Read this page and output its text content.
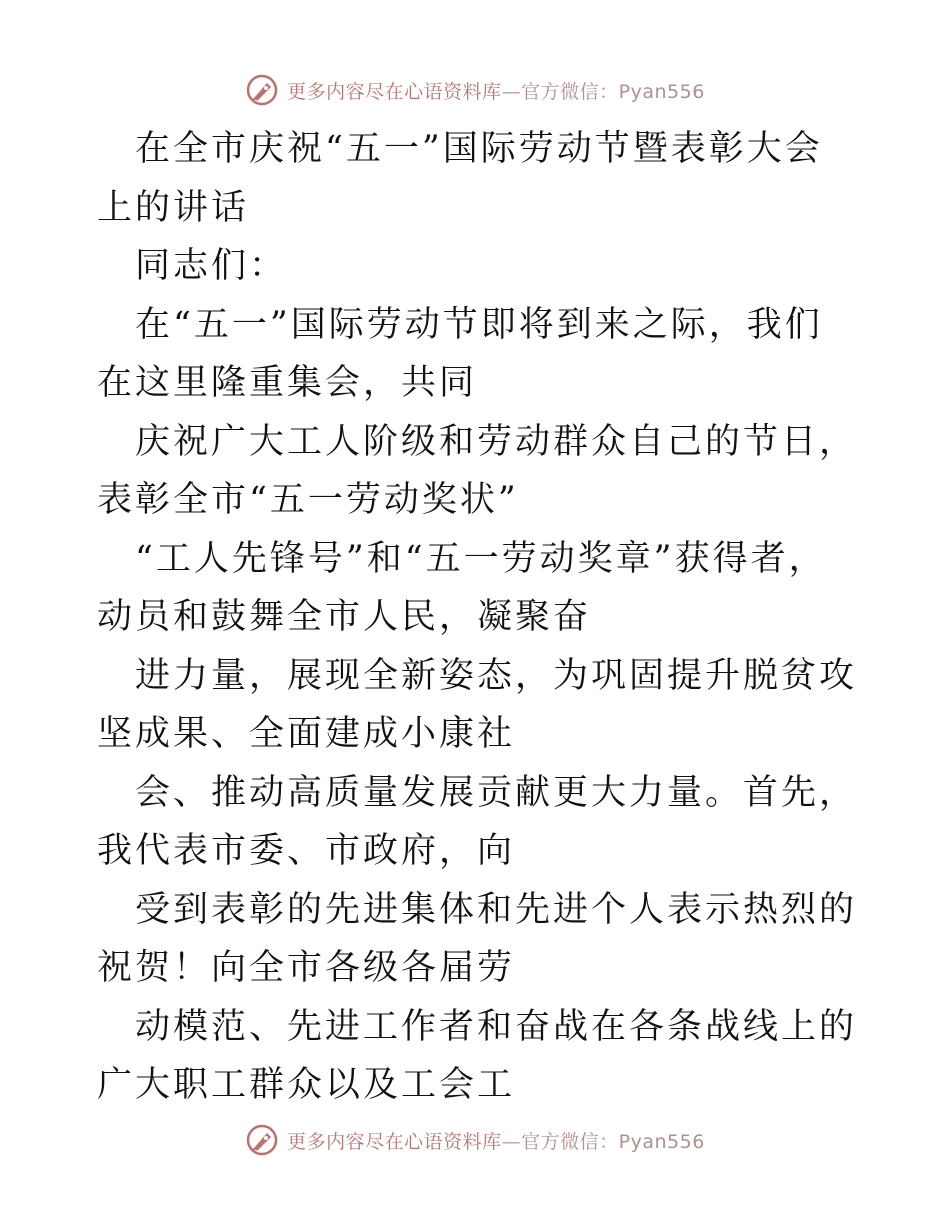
更多内容尽在心语资料库—官方微信：Pyan556

在全市庆祝“五一”国际劳动节暨表彰大会上的讲话

同志们：

在“五一”国际劳动节即将到来之际，我们在这里隆重集会，共同

庆祝广大工人阶级和劳动群众自己的节日，表彰全市“五一劳动奖状”

“工人先锋号”和“五一劳动奖章”获得者，动员和鼓舞全市人民，凝聚奋

进力量，展现全新姿态，为巩固提升脱贫攻坚成果、全面建成小康社

会、推动高质量发展贡献更大力量。首先，我代表市委、市政府，向

受到表彰的先进集体和先进个人表示热烈的祝贺！向全市各级各届劳

动模范、先进工作者和奋战在各条战线上的广大职工群众以及工会工

更多内容尽在心语资料库—官方微信：Pyan556
